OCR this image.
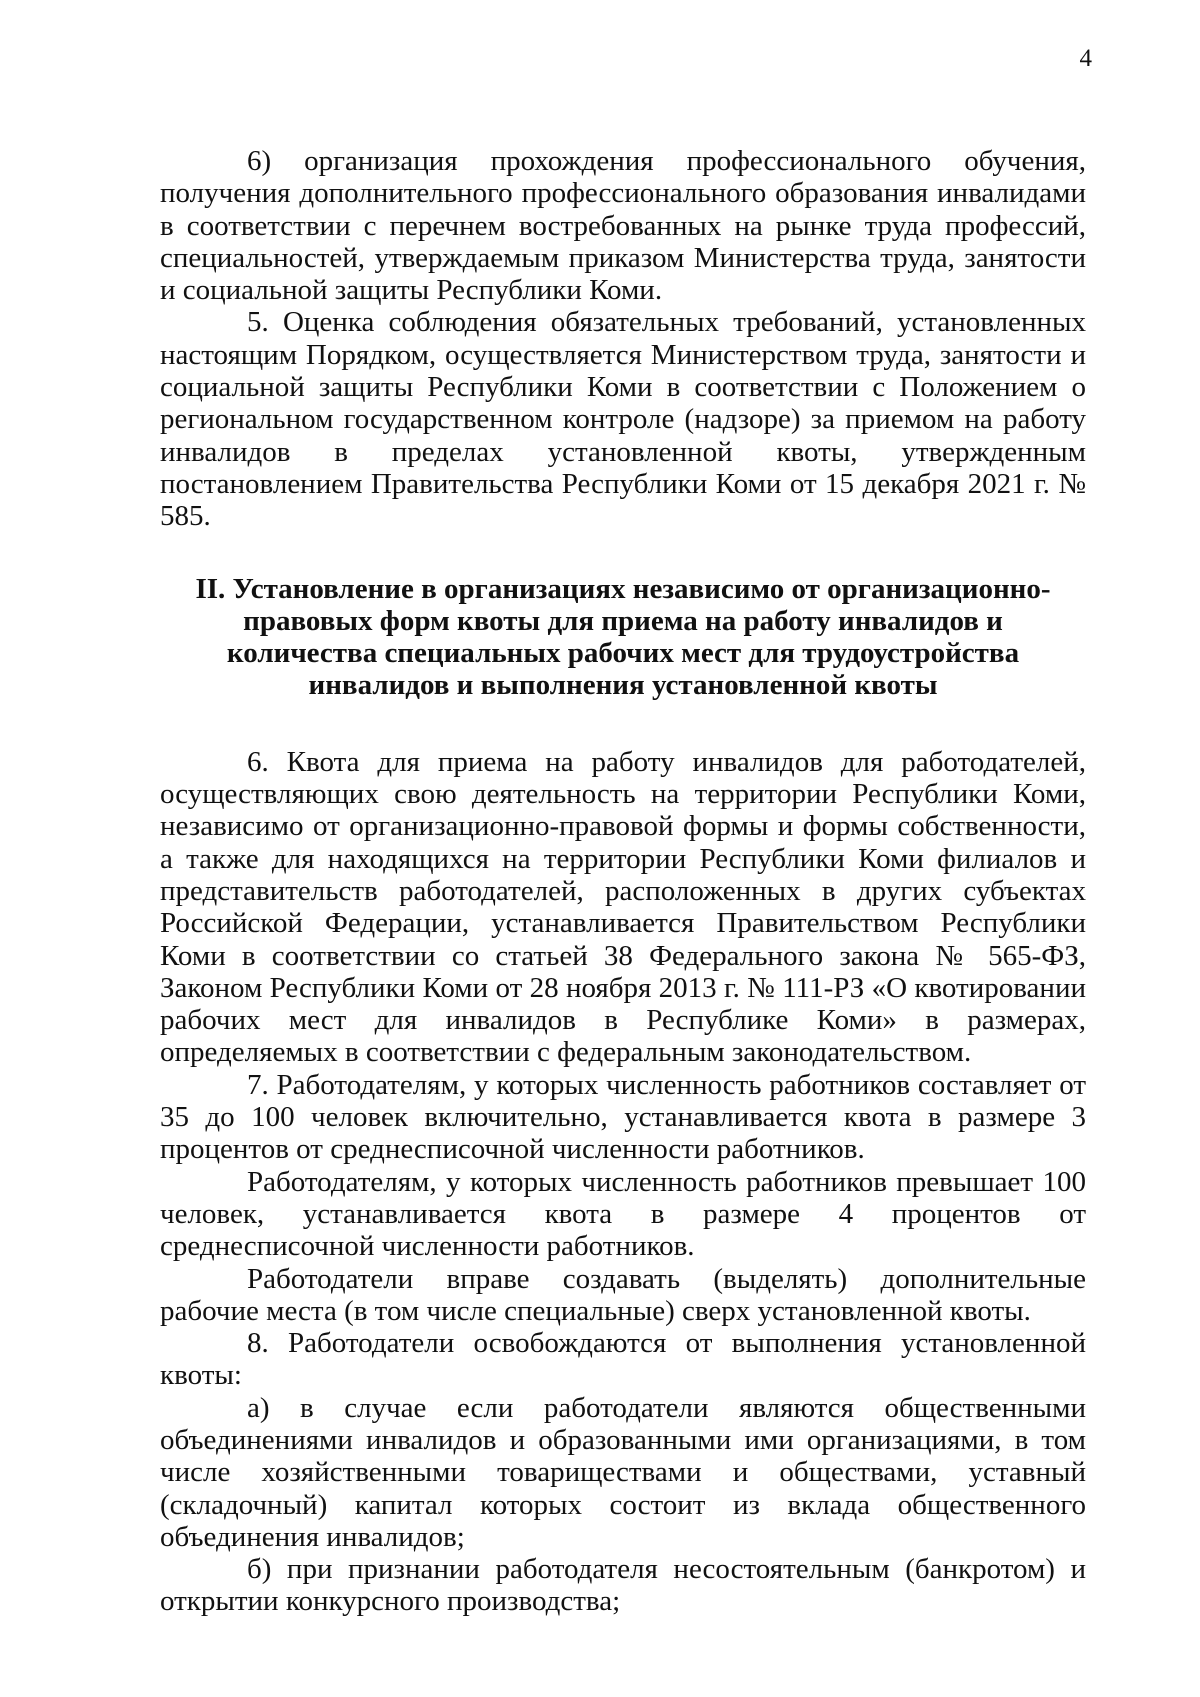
4

6) организация прохождения профессионального обучения, получения дополнительного профессионального образования инвалидами в соответствии с перечнем востребованных на рынке труда профессий, специальностей, утверждаемым приказом Министерства труда, занятости и социальной защиты Республики Коми.

5. Оценка соблюдения обязательных требований, установленных настоящим Порядком, осуществляется Министерством труда, занятости и социальной защиты Республики Коми в соответствии с Положением о региональном государственном контроле (надзоре) за приемом на работу инвалидов в пределах установленной квоты, утвержденным постановлением Правительства Республики Коми от 15 декабря 2021 г. № 585.

II. Установление в организациях независимо от организационно-правовых форм квоты для приема на работу инвалидов и количества специальных рабочих мест для трудоустройства инвалидов и выполнения установленной квоты

6. Квота для приема на работу инвалидов для работодателей, осуществляющих свою деятельность на территории Республики Коми, независимо от организационно-правовой формы и формы собственности, а также для находящихся на территории Республики Коми филиалов и представительств работодателей, расположенных в других субъектах Российской Федерации, устанавливается Правительством Республики Коми в соответствии со статьей 38 Федерального закона № 565-ФЗ, Законом Республики Коми от 28 ноября 2013 г. № 111-РЗ «О квотировании рабочих мест для инвалидов в Республике Коми» в размерах, определяемых в соответствии с федеральным законодательством.

7. Работодателям, у которых численность работников составляет от 35 до 100 человек включительно, устанавливается квота в размере 3 процентов от среднесписочной численности работников.

Работодателям, у которых численность работников превышает 100 человек, устанавливается квота в размере 4 процентов от среднесписочной численности работников.

Работодатели вправе создавать (выделять) дополнительные рабочие места (в том числе специальные) сверх установленной квоты.

8. Работодатели освобождаются от выполнения установленной квоты:

а) в случае если работодатели являются общественными объединениями инвалидов и образованными ими организациями, в том числе хозяйственными товариществами и обществами, уставный (складочный) капитал которых состоит из вклада общественного объединения инвалидов;

б) при признании работодателя несостоятельным (банкротом) и открытии конкурсного производства;
